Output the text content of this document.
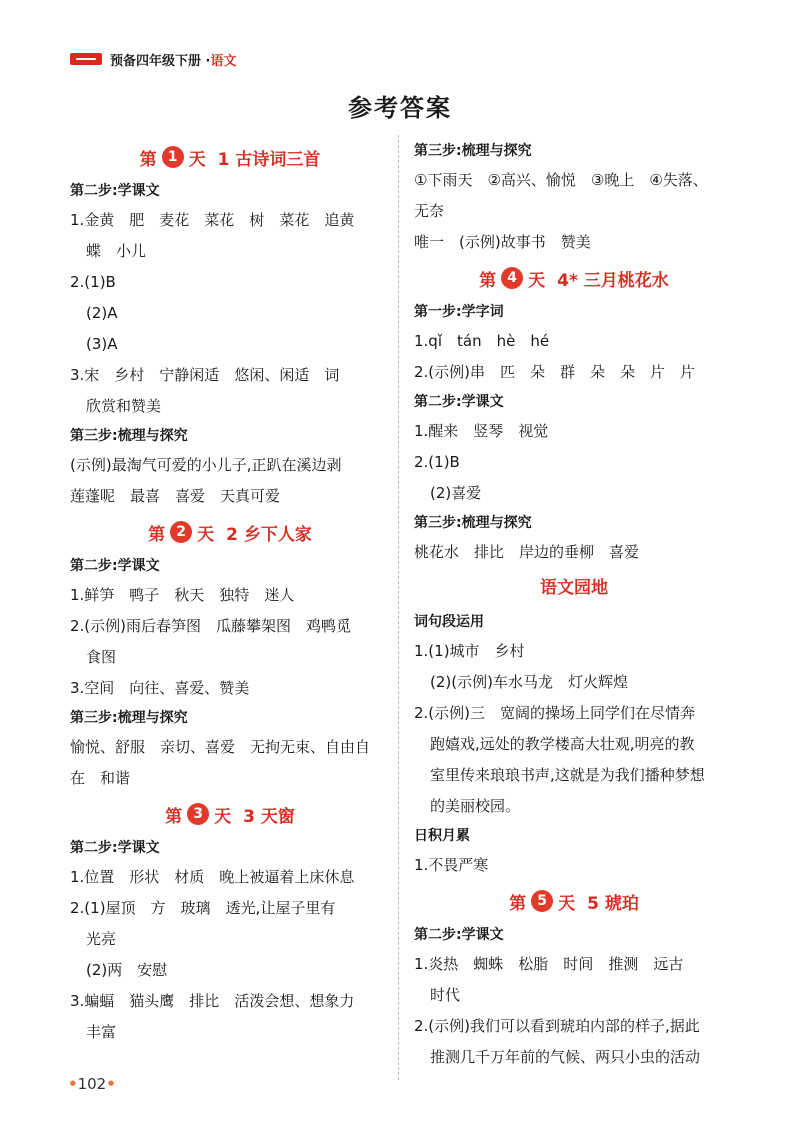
预备四年级下册 · 语文
参考答案
第 1 天 1 古诗词三首
第二步:学课文
1.金黄　肥　麦花　菜花　树　菜花　追黄
蝶　小儿
2.(1)B
(2)A
(3)A
3.宋　乡村　宁静闲适　悠闲、闲适　词
欣赏和赞美
第三步:梳理与探究
(示例)最淘气可爱的小儿子,正趴在溪边剥
莲蓬呢　最喜　喜爱　天真可爱
第 2 天 2 乡下人家
第二步:学课文
1.鲜笋　鸭子　秋天　独特　迷人
2.(示例)雨后春笋图　瓜藤攀架图　鸡鸭觅
食图
3.空间　向往、喜爱、赞美
第三步:梳理与探究
愉悦、舒服　亲切、喜爱　无拘无束、自由自
在　和谐
第 3 天 3 天窗
第二步:学课文
1.位置　形状　材质　晚上被逼着上床休息
2.(1)屋顶　方　玻璃　透光,让屋子里有
光亮
(2)两　安慰
3.蝙蝠　猫头鹰　排比　活泼会想、想象力
丰富
第三步:梳理与探究
①下雨天　②高兴、愉悦　③晚上　④失落、
无奈
唯一　(示例)故事书　赞美
第 4 天 4* 三月桃花水
第一步:学字词
1.qǐ　tán　hè　hé
2.(示例)串　匹　朵　群　朵　朵　片　片
第二步:学课文
1.醒来　竖琴　视觉
2.(1)B
(2)喜爱
第三步:梳理与探究
桃花水　排比　岸边的垂柳　喜爱
语文园地
词句段运用
1.(1)城市　乡村
(2)(示例)车水马龙　灯火辉煌
2.(示例)三　宽阔的操场上同学们在尽情奔
跑嬉戏,远处的教学楼高大壮观,明亮的教
室里传来琅琅书声,这就是为我们播种梦想
的美丽校园。
日积月累
1.不畏严寒
第 5 天 5 琥珀
第二步:学课文
1.炎热　蜘蛛　松脂　时间　推测　远古
时代
2.(示例)我们可以看到琥珀内部的样子,据此
推测几千万年前的气候、两只小虫的活动
•102•
